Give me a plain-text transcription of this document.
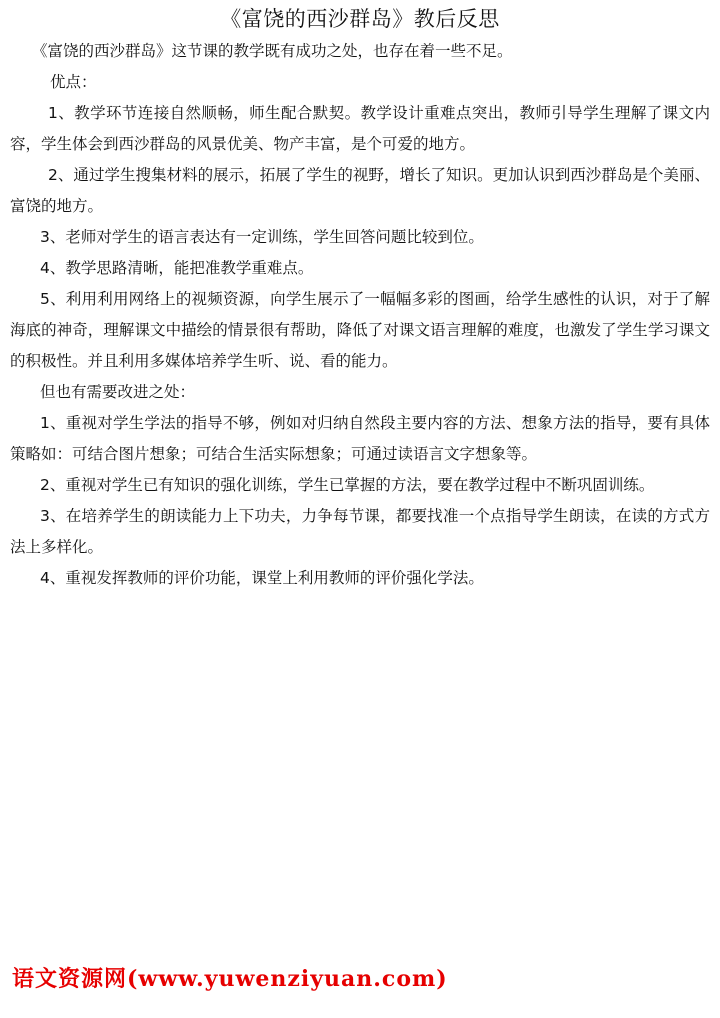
《富饶的西沙群岛》教后反思

《富饶的西沙群岛》这节课的教学既有成功之处，也存在着一些不足。

优点：

1、教学环节连接自然顺畅，师生配合默契。教学设计重难点突出，教师引导学生理解了课文内容，学生体会到西沙群岛的风景优美、物产丰富，是个可爱的地方。

2、通过学生搜集材料的展示，拓展了学生的视野，增长了知识。更加认识到西沙群岛是个美丽、富饶的地方。

3、老师对学生的语言表达有一定训练，学生回答问题比较到位。

4、教学思路清晰，能把准教学重难点。

5、利用利用网络上的视频资源，向学生展示了一幅幅多彩的图画，给学生感性的认识，对于了解海底的神奇，理解课文中描绘的情景很有帮助，降低了对课文语言理解的难度，也激发了学生学习课文的积极性。并且利用多媒体培养学生听、说、看的能力。

但也有需要改进之处：

1、重视对学生学法的指导不够，例如对归纳自然段主要内容的方法、想象方法的指导，要有具体策略如：可结合图片想象；可结合生活实际想象；可通过读语言文字想象等。

2、重视对学生已有知识的强化训练，学生已掌握的方法，要在教学过程中不断巩固训练。

3、在培养学生的朗读能力上下功夫，力争每节课，都要找准一个点指导学生朗读，在读的方式方法上多样化。

4、重视发挥教师的评价功能，课堂上利用教师的评价强化学法。

语文资源网(www.yuwenziyuan.com)
